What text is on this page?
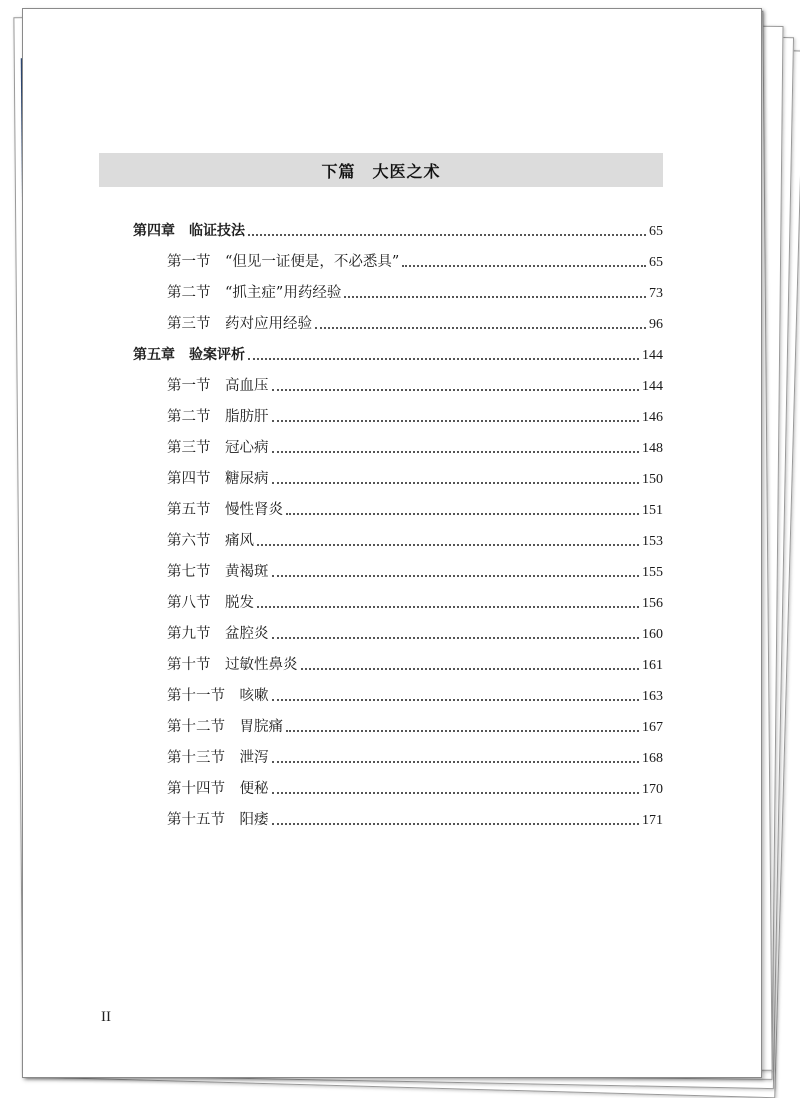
下篇　大医之术
第四章　临证技法	65
第一节　“但见一证便是，不必悉具”	65
第二节　“抓主症”用药经验	73
第三节　药对应用经验	96
第五章　验案评析	144
第一节　高血压	144
第二节　脂肪肝	146
第三节　冠心病	148
第四节　糖尿病	150
第五节　慢性肾炎	151
第六节　痛风	153
第七节　黄褐斑	155
第八节　脱发	156
第九节　盆腔炎	160
第十节　过敏性鼻炎	161
第十一节　咳嗽	163
第十二节　胃脘痛	167
第十三节　泄泻	168
第十四节　便秘	170
第十五节　阳痿	171
II
